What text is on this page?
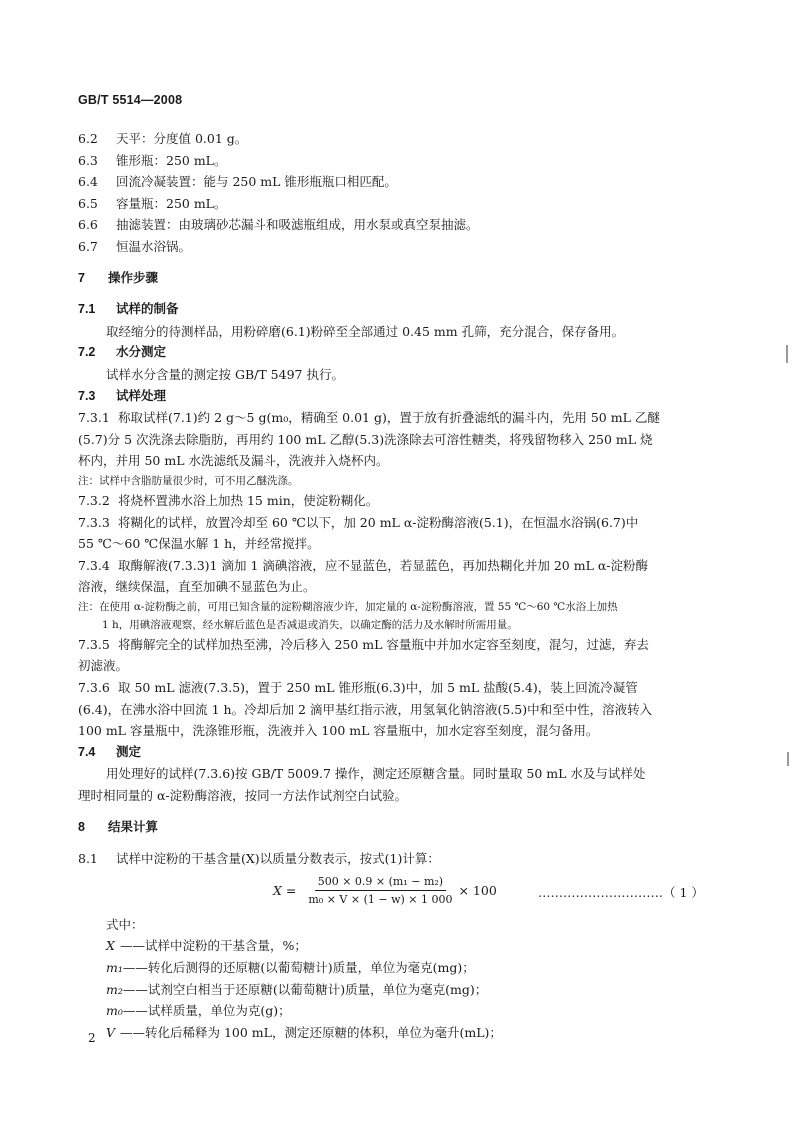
GB/T 5514—2008
6.2	天平：分度值 0.01 g。
6.3	锥形瓶：250 mL。
6.4	回流冷凝装置：能与 250 mL 锥形瓶瓶口相匹配。
6.5	容量瓶：250 mL。
6.6	抽滤装置：由玻璃砂芯漏斗和吸滤瓶组成，用水泵或真空泵抽滤。
6.7	恒温水浴锅。
7	操作步骤
7.1	试样的制备
取经缩分的待测样品，用粉碎磨(6.1)粉碎至全部通过 0.45 mm 孔筛，充分混合，保存备用。
7.2	水分测定
试样水分含量的测定按 GB/T 5497 执行。
7.3	试样处理
7.3.1 称取试样(7.1)约 2 g～5 g(m₀，精确至 0.01 g)，置于放有折叠滤纸的漏斗内，先用 50 mL 乙醚
(5.7)分 5 次洗涤去除脂肪，再用约 100 mL 乙醇(5.3)洗涤除去可溶性糖类，将残留物移入 250 mL 烧
杯内，并用 50 mL 水洗滤纸及漏斗，洗液并入烧杯内。
注：试样中含脂肪量很少时，可不用乙醚洗涤。
7.3.2 将烧杯置沸水浴上加热 15 min，使淀粉糊化。
7.3.3 将糊化的试样，放置冷却至 60 ℃以下，加 20 mL α-淀粉酶溶液(5.1)，在恒温水浴锅(6.7)中
55 ℃～60 ℃保温水解 1 h，并经常搅拌。
7.3.4 取酶解液(7.3.3)1 滴加 1 滴碘溶液，应不显蓝色，若显蓝色，再加热糊化并加 20 mL α-淀粉酶
溶液，继续保温，直至加碘不显蓝色为止。
注：在使用 α-淀粉酶之前，可用已知含量的淀粉糊溶液少许，加定量的 α-淀粉酶溶液，置 55 ℃～60 ℃水浴上加热
1 h，用碘溶液观察，经水解后蓝色是否减退或消失，以确定酶的活力及水解时所需用量。
7.3.5 将酶解完全的试样加热至沸，冷后移入 250 mL 容量瓶中并加水定容至刻度，混匀，过滤，弃去
初滤液。
7.3.6 取 50 mL 滤液(7.3.5)，置于 250 mL 锥形瓶(6.3)中，加 5 mL 盐酸(5.4)，装上回流冷凝管
(6.4)，在沸水浴中回流 1 h。冷却后加 2 滴甲基红指示液，用氢氧化钠溶液(5.5)中和至中性，溶液转入
100 mL 容量瓶中，洗涤锥形瓶，洗液并入 100 mL 容量瓶中，加水定容至刻度，混匀备用。
7.4	测定
用处理好的试样(7.3.6)按 GB/T 5009.7 操作，测定还原糖含量。同时量取 50 mL 水及与试样处
理时相同量的 α-淀粉酶溶液，按同一方法作试剂空白试验。
8	结果计算
8.1	试样中淀粉的干基含量(X)以质量分数表示，按式(1)计算：
$X = \frac{\text{500 × 0.9 × (m₁ − m₂)}}{\text{m₀ × V × (1 − w) × 1 000}} \times 100$	…………………………（ 1 ）
式中：
X ——试样中淀粉的干基含量，%；
m₁——转化后测得的还原糖(以葡萄糖计)质量，单位为毫克(mg)；
m₂——试剂空白相当于还原糖(以葡萄糖计)质量，单位为毫克(mg)；
m₀——试样质量，单位为克(g)；
V ——转化后稀释为 100 mL，测定还原糖的体积，单位为毫升(mL)；
2
